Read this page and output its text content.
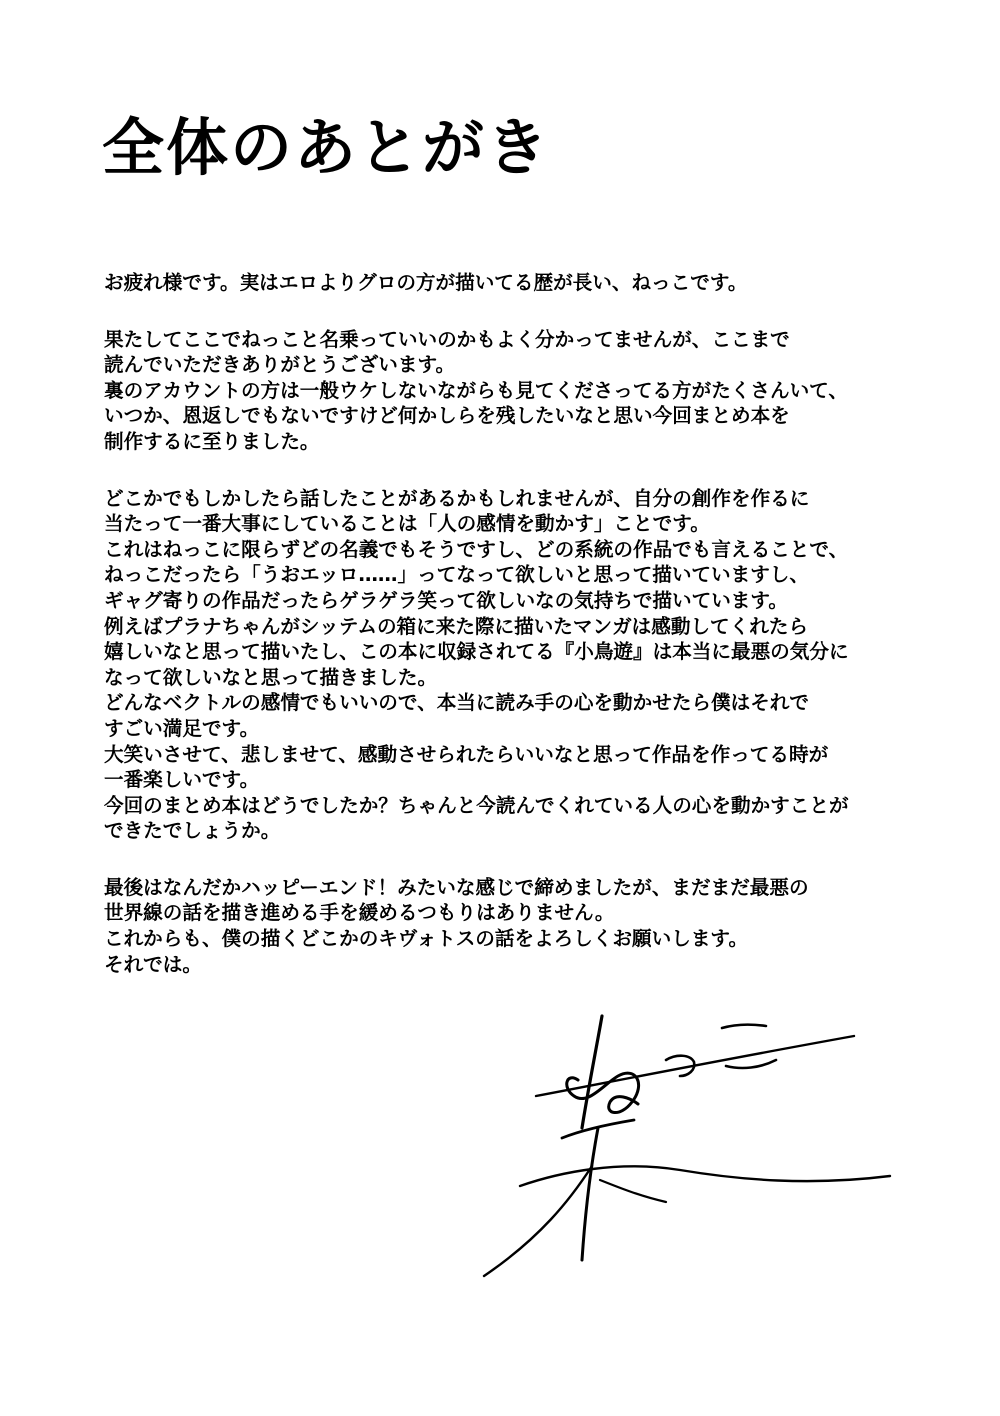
全体のあとがき
お疲れ様です。実はエロよりグロの方が描いてる歴が長い、ねっこです。
果たしてここでねっこと名乗っていいのかもよく分かってませんが、ここまで
読んでいただきありがとうございます。
裏のアカウントの方は一般ウケしないながらも見てくださってる方がたくさんいて、
いつか、恩返しでもないですけど何かしらを残したいなと思い今回まとめ本を
制作するに至りました。
どこかでもしかしたら話したことがあるかもしれませんが、自分の創作を作るに
当たって一番大事にしていることは「人の感情を動かす」ことです。
これはねっこに限らずどの名義でもそうですし、どの系統の作品でも言えることで、
ねっこだったら「うおエッロ……」ってなって欲しいと思って描いていますし、
ギャグ寄りの作品だったらゲラゲラ笑って欲しいなの気持ちで描いています。
例えばプラナちゃんがシッテムの箱に来た際に描いたマンガは感動してくれたら
嬉しいなと思って描いたし、この本に収録されてる『小鳥遊』は本当に最悪の気分に
なって欲しいなと思って描きました。
どんなベクトルの感情でもいいので、本当に読み手の心を動かせたら僕はそれで
すごい満足です。
大笑いさせて、悲しませて、感動させられたらいいなと思って作品を作ってる時が
一番楽しいです。
今回のまとめ本はどうでしたか？ちゃんと今読んでくれている人の心を動かすことが
できたでしょうか。
最後はなんだかハッピーエンド！みたいな感じで締めましたが、まだまだ最悪の
世界線の話を描き進める手を緩めるつもりはありません。
これからも、僕の描くどこかのキヴォトスの話をよろしくお願いします。
それでは。
